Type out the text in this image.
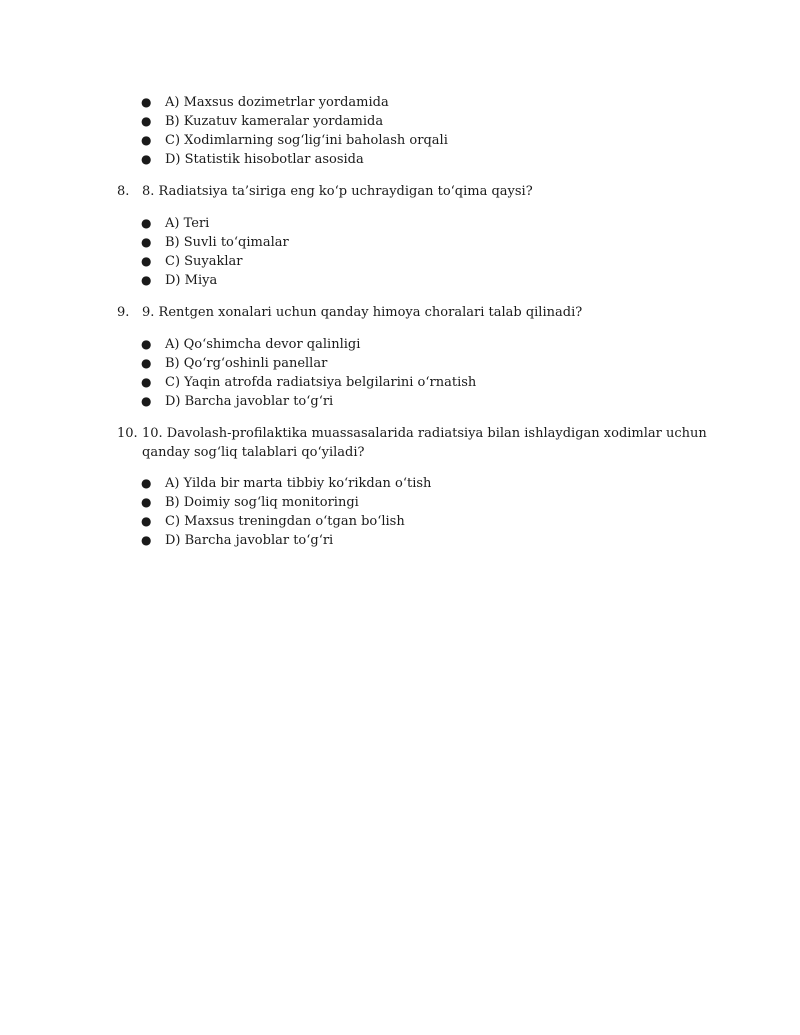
● A) Maxsus dozimetrlar yordamida
● B) Kuzatuv kameralar yordamida
● C) Xodimlarning sog‘lig‘ini baholash orqali
● D) Statistik hisobotlar asosida
8. 8. Radiatsiya ta’siriga eng ko‘p uchraydigan to‘qima qaysi?
● A) Teri
● B) Suvli to‘qimalar
● C) Suyaklar
● D) Miya
9. 9. Rentgen xonalari uchun qanday himoya choralari talab qilinadi?
● A) Qo‘shimcha devor qalinligi
● B) Qo‘rg‘oshinli panellar
● C) Yaqin atrofda radiatsiya belgilarini o‘rnatish
● D) Barcha javoblar to‘g‘ri
10. 10. Davolash-profilaktika muassasalarida radiatsiya bilan ishlaydigan xodimlar uchun
qanday sog‘liq talablari qo‘yiladi?
● A) Yilda bir marta tibbiy ko‘rikdan o‘tish
● B) Doimiy sog‘liq monitoringi
● C) Maxsus treningdan o‘tgan bo‘lish
● D) Barcha javoblar to‘g‘ri
